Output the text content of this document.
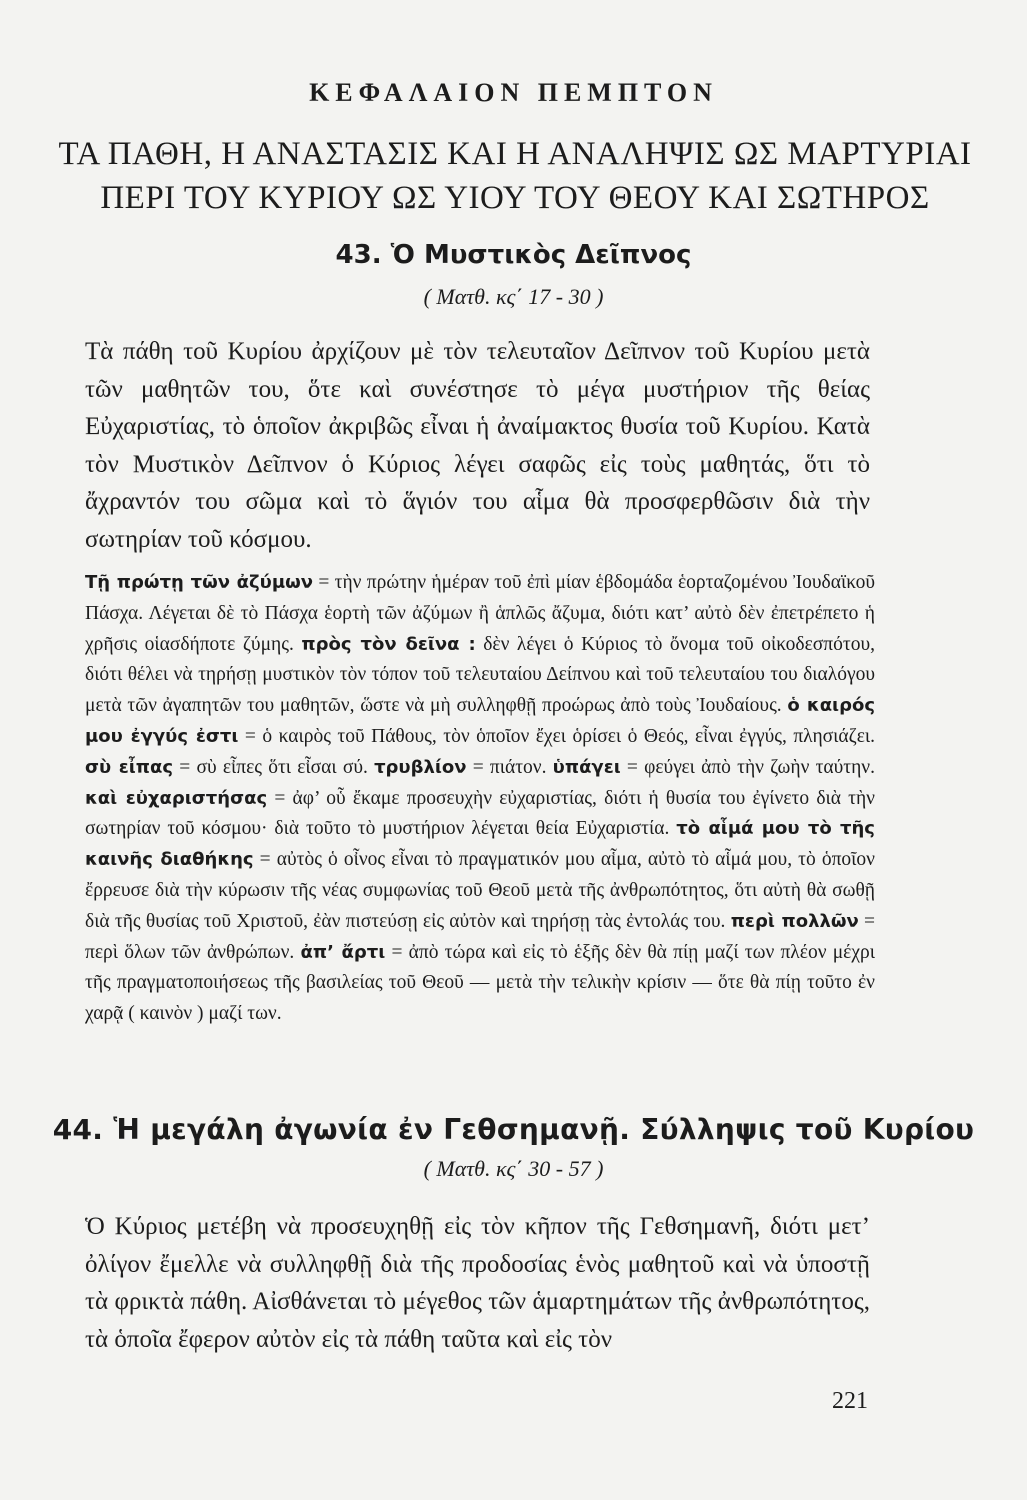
ΚΕΦΑΛΑΙΟΝ ΠΕΜΠΤΟΝ
ΤΑ ΠΑΘΗ, Η ΑΝΑΣΤΑΣΙΣ ΚΑΙ Η ΑΝΑΛΗΨΙΣ ΩΣ ΜΑΡΤΥΡΙΑΙ
ΠΕΡΙ ΤΟΥ ΚΥΡΙΟΥ ΩΣ ΥΙΟΥ ΤΟΥ ΘΕΟΥ ΚΑΙ ΣΩΤΗΡΟΣ
43. Ὁ Μυστικὸς Δεῖπνος
( Ματθ. κς΄ 17 - 30 )
Τὰ πάθη τοῦ Κυρίου ἀρχίζουν μὲ τὸν τελευταῖον Δεῖπνον τοῦ Κυρίου μετὰ τῶν μαθητῶν του, ὅτε καὶ συνέστησε τὸ μέγα μυστήριον τῆς θείας Εὐχαριστίας, τὸ ὁποῖον ἀκριβῶς εἶναι ἡ ἀναίμακτος θυσία τοῦ Κυρίου. Κατὰ τὸν Μυστικὸν Δεῖπνον ὁ Κύριος λέγει σαφῶς εἰς τοὺς μαθητάς, ὅτι τὸ ἄχραντόν του σῶμα καὶ τὸ ἅγιόν του αἷμα θὰ προσφερθῶσιν διὰ τὴν σωτηρίαν τοῦ κόσμου.
Τῇ πρώτῃ τῶν ἀζύμων = τὴν πρώτην ἡμέραν τοῦ ἐπὶ μίαν ἑβδομάδα ἑορταζομένου Ἰουδαϊκοῦ Πάσχα. Λέγεται δὲ τὸ Πάσχα ἑορτὴ τῶν ἀζύμων ἢ ἁπλῶς ἄζυμα, διότι κατ’ αὐτὸ δὲν ἐπετρέπετο ἡ χρῆσις οἱασδήποτε ζύμης. πρὸς τὸν δεῖνα : δὲν λέγει ὁ Κύριος τὸ ὄνομα τοῦ οἰκοδεσπότου, διότι θέλει νὰ τηρήσῃ μυστικὸν τὸν τόπον τοῦ τελευταίου Δείπνου καὶ τοῦ τελευταίου του διαλόγου μετὰ τῶν ἀγαπητῶν του μαθητῶν, ὥστε νὰ μὴ συλληφθῇ προώρως ἀπὸ τοὺς Ἰουδαίους. ὁ καιρός μου ἐγγύς ἐστι = ὁ καιρὸς τοῦ Πάθους, τὸν ὁποῖον ἔχει ὁρίσει ὁ Θεός, εἶναι ἐγγύς, πλησιάζει. σὺ εἶπας = σὺ εἶπες ὅτι εἶσαι σύ. τρυβλίον = πιάτον. ὑπάγει = φεύγει ἀπὸ τὴν ζωὴν ταύτην. καὶ εὐχαριστήσας = ἀφ’ οὗ ἔκαμε προσευχὴν εὐχαριστίας, διότι ἡ θυσία του ἐγίνετο διὰ τὴν σωτηρίαν τοῦ κόσμου· διὰ τοῦτο τὸ μυστήριον λέγεται θεία Εὐχαριστία. τὸ αἷμά μου τὸ τῆς καινῆς διαθήκης = αὐτὸς ὁ οἶνος εἶναι τὸ πραγματικόν μου αἷμα, αὐτὸ τὸ αἷμά μου, τὸ ὁποῖον ἔρρευσε διὰ τὴν κύρωσιν τῆς νέας συμφωνίας τοῦ Θεοῦ μετὰ τῆς ἀνθρωπότητος, ὅτι αὐτὴ θὰ σωθῇ διὰ τῆς θυσίας τοῦ Χριστοῦ, ἐὰν πιστεύσῃ εἰς αὐτὸν καὶ τηρήσῃ τὰς ἐντολάς του. περὶ πολλῶν = περὶ ὅλων τῶν ἀνθρώπων. ἀπ’ ἄρτι = ἀπὸ τώρα καὶ εἰς τὸ ἑξῆς δὲν θὰ πίῃ μαζί των πλέον μέχρι τῆς πραγματοποιήσεως τῆς βασιλείας τοῦ Θεοῦ — μετὰ τὴν τελικὴν κρίσιν — ὅτε θὰ πίῃ τοῦτο ἐν χαρᾷ ( καινὸν ) μαζί των.
44. Ἡ μεγάλη ἀγωνία ἐν Γεθσημανῇ. Σύλληψις τοῦ Κυρίου
( Ματθ. κς΄ 30 - 57 )
Ὁ Κύριος μετέβη νὰ προσευχηθῇ εἰς τὸν κῆπον τῆς Γεθσημανῆ, διότι μετ’ ὀλίγον ἔμελλε νὰ συλληφθῇ διὰ τῆς προδοσίας ἑνὸς μαθητοῦ καὶ νὰ ὑποστῇ τὰ φρικτὰ πάθη. Αἰσθάνεται τὸ μέγεθος τῶν ἁμαρτημάτων τῆς ἀνθρωπότητος, τὰ ὁποῖα ἔφερον αὐτὸν εἰς τὰ πάθη ταῦτα καὶ εἰς τὸν
221
